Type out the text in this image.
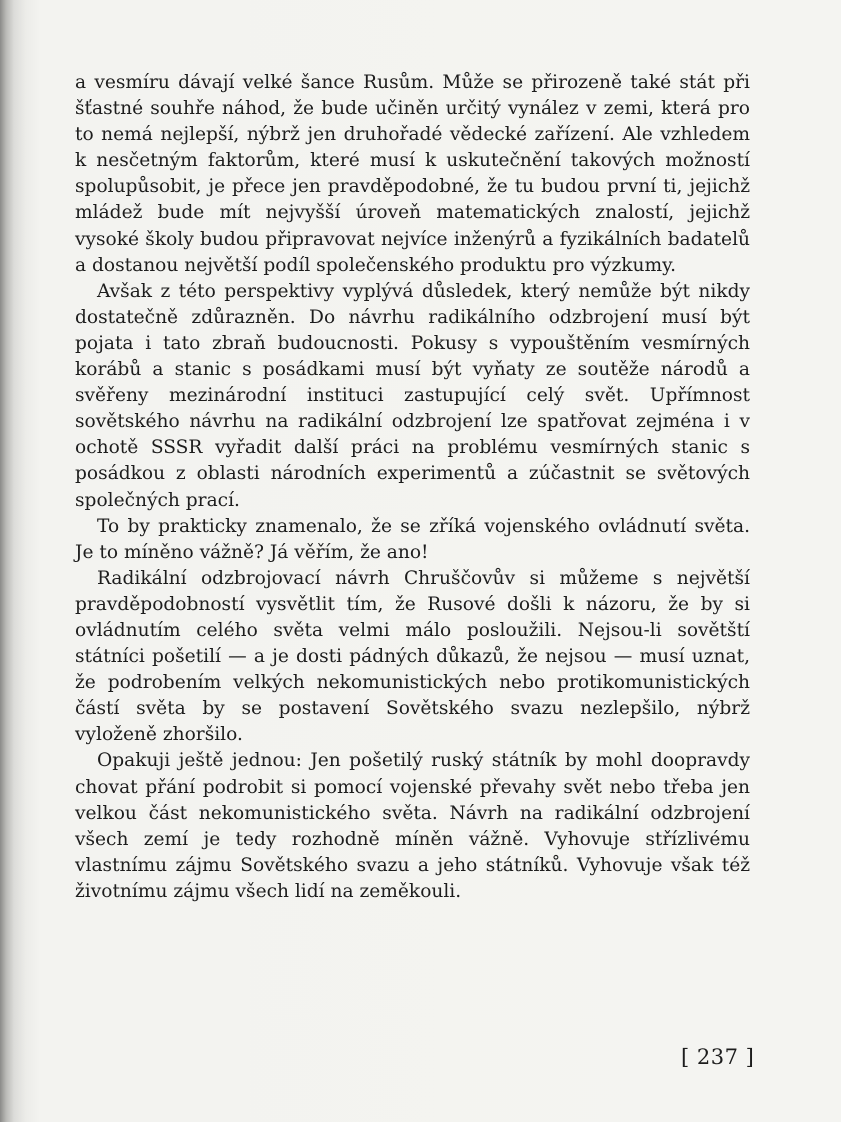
a vesmíru dávají velké šance Rusům. Může se přirozeně také stát při šťastné souhře náhod, že bude učiněn určitý vynález v zemi, která pro to nemá nejlepší, nýbrž jen druhořadé vědecké zařízení. Ale vzhledem k nesčetným faktorům, které musí k uskutečnění takových možností spolupůsobit, je přece jen pravděpodobné, že tu budou první ti, jejichž mládež bude mít nejvyšší úroveň matematických znalostí, jejichž vysoké školy budou připravovat nejvíce inženýrů a fyzikálních badatelů a dostanou největší podíl společenského produktu pro výzkumy.

Avšak z této perspektivy vyplývá důsledek, který nemůže být nikdy dostatečně zdůrazněn. Do návrhu radikálního odzbrojení musí být pojata i tato zbraň budoucnosti. Pokusy s vypouštěním vesmírných korábů a stanic s posádkami musí být vyňaty ze soutěže národů a svěřeny mezinárodní instituci zastupující celý svět. Upřímnost sovětského návrhu na radikální odzbrojení lze spatřovat zejména i v ochotě SSSR vyřadit další práci na problému vesmírných stanic s posádkou z oblasti národních experimentů a zúčastnit se světových společných prací.

To by prakticky znamenalo, že se zříká vojenského ovládnutí světa. Je to míněno vážně? Já věřím, že ano!

Radikální odzbrojovací návrh Chruščovův si můžeme s největší pravděpodobností vysvětlit tím, že Rusové došli k názoru, že by si ovládnutím celého světa velmi málo posloužili. Nejsou-li sovětští státníci pošetilí — a je dosti pádných důkazů, že nejsou — musí uznat, že podrobením velkých nekomunistických nebo protikomunistických částí světa by se postavení Sovětského svazu nezlepšilo, nýbrž vyloženě zhoršilo.

Opakuji ještě jednou: Jen pošetilý ruský státník by mohl doopravdy chovat přání podrobit si pomocí vojenské převahy svět nebo třeba jen velkou část nekomunistického světa. Návrh na radikální odzbrojení všech zemí je tedy rozhodně míněn vážně. Vyhovuje střízlivému vlastnímu zájmu Sovětského svazu a jeho státníků. Vyhovuje však též životnímu zájmu všech lidí na zeměkouli.

[ 237 ]
